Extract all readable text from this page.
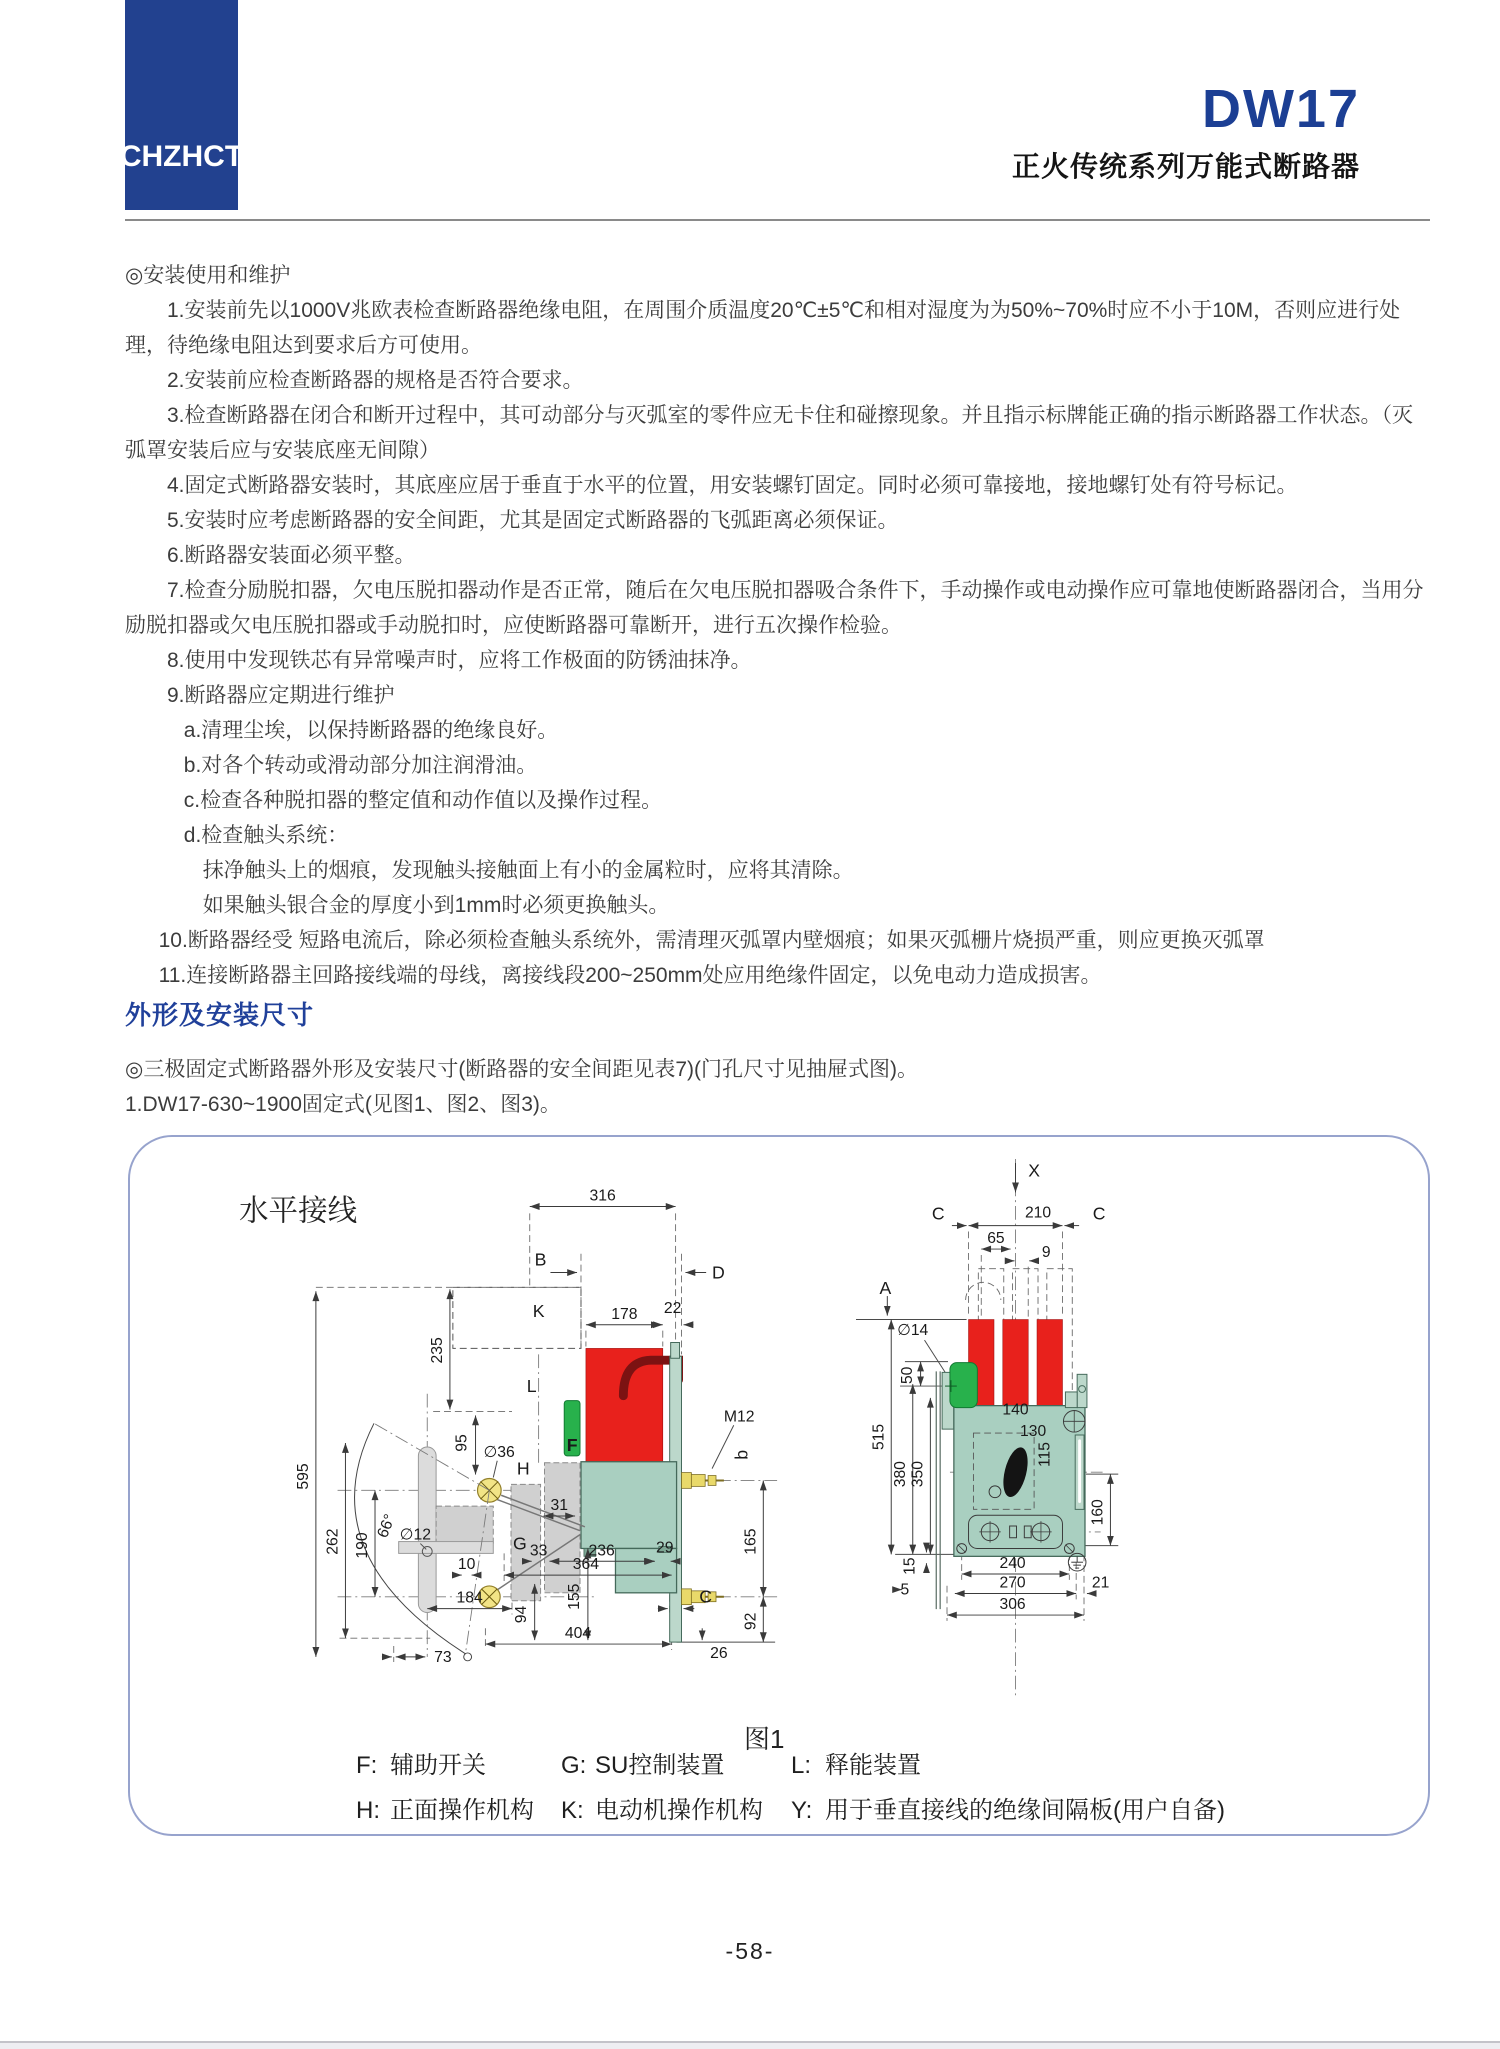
CHZHCT
DW17
正火传统系列万能式断路器

◎安装使用和维护

1.安装前先以1000V兆欧表检查断路器绝缘电阻，在周围介质温度20℃±5℃和相对湿度为为50%~70%时应不小于10M，否则应进行处理，待绝缘电阻达到要求后方可使用。

2.安装前应检查断路器的规格是否符合要求。

3.检查断路器在闭合和断开过程中，其可动部分与灭弧室的零件应无卡住和碰擦现象。并且指示标牌能正确的指示断路器工作状态。（灭弧罩安装后应与安装底座无间隙）

4.固定式断路器安装时，其底座应居于垂直于水平的位置，用安装螺钉固定。同时必须可靠接地，接地螺钉处有符号标记。

5.安装时应考虑断路器的安全间距，尤其是固定式断路器的飞弧距离必须保证。

6.断路器安装面必须平整。

7.检查分励脱扣器，欠电压脱扣器动作是否正常，随后在欠电压脱扣器吸合条件下，手动操作或电动操作应可靠地使断路器闭合，当用分励脱扣器或欠电压脱扣器或手动脱扣时，应使断路器可靠断开，进行五次操作检验。

8.使用中发现铁芯有异常噪声时，应将工作极面的防锈油抹净。

9.断路器应定期进行维护

a.清理尘埃，以保持断路器的绝缘良好。

b.对各个转动或滑动部分加注润滑油。

c.检查各种脱扣器的整定值和动作值以及操作过程。

d.检查触头系统：

抹净触头上的烟痕，发现触头接触面上有小的金属粒时，应将其清除。

如果触头银合金的厚度小到1mm时必须更换触头。

10.断路器经受 短路电流后，除必须检查触头系统外，需清理灭弧罩内壁烟痕；如果灭弧栅片烧损严重，则应更换灭弧罩

11.连接断路器主回路接线端的母线，离接线段200~250mm处应用绝缘件固定，以免电动力造成损害。

外形及安装尺寸

◎三极固定式断路器外形及安装尺寸(断路器的安全间距见表7)(门孔尺寸见抽屉式图)。

1.DW17-630~1900固定式(见图1、图2、图3)。

水平接线
F
316
B
D
K	178 22
235
95
L
∅36
H
M12
b
595
190
66° ∅12	G
31
165
262
155
94	92
26
10
33	236	29
364
184	C
404
73
X
C	210 C
65
9
A
∅14
50
515
380 350
140
130
115
160
15
5
240
270	21
306
图1
F: 辅助开关	G: SU控制装置	L: 释能装置
H: 正面操作机构	K: 电动机操作机构	Y: 用于垂直接线的绝缘间隔板(用户自备)
-58-
